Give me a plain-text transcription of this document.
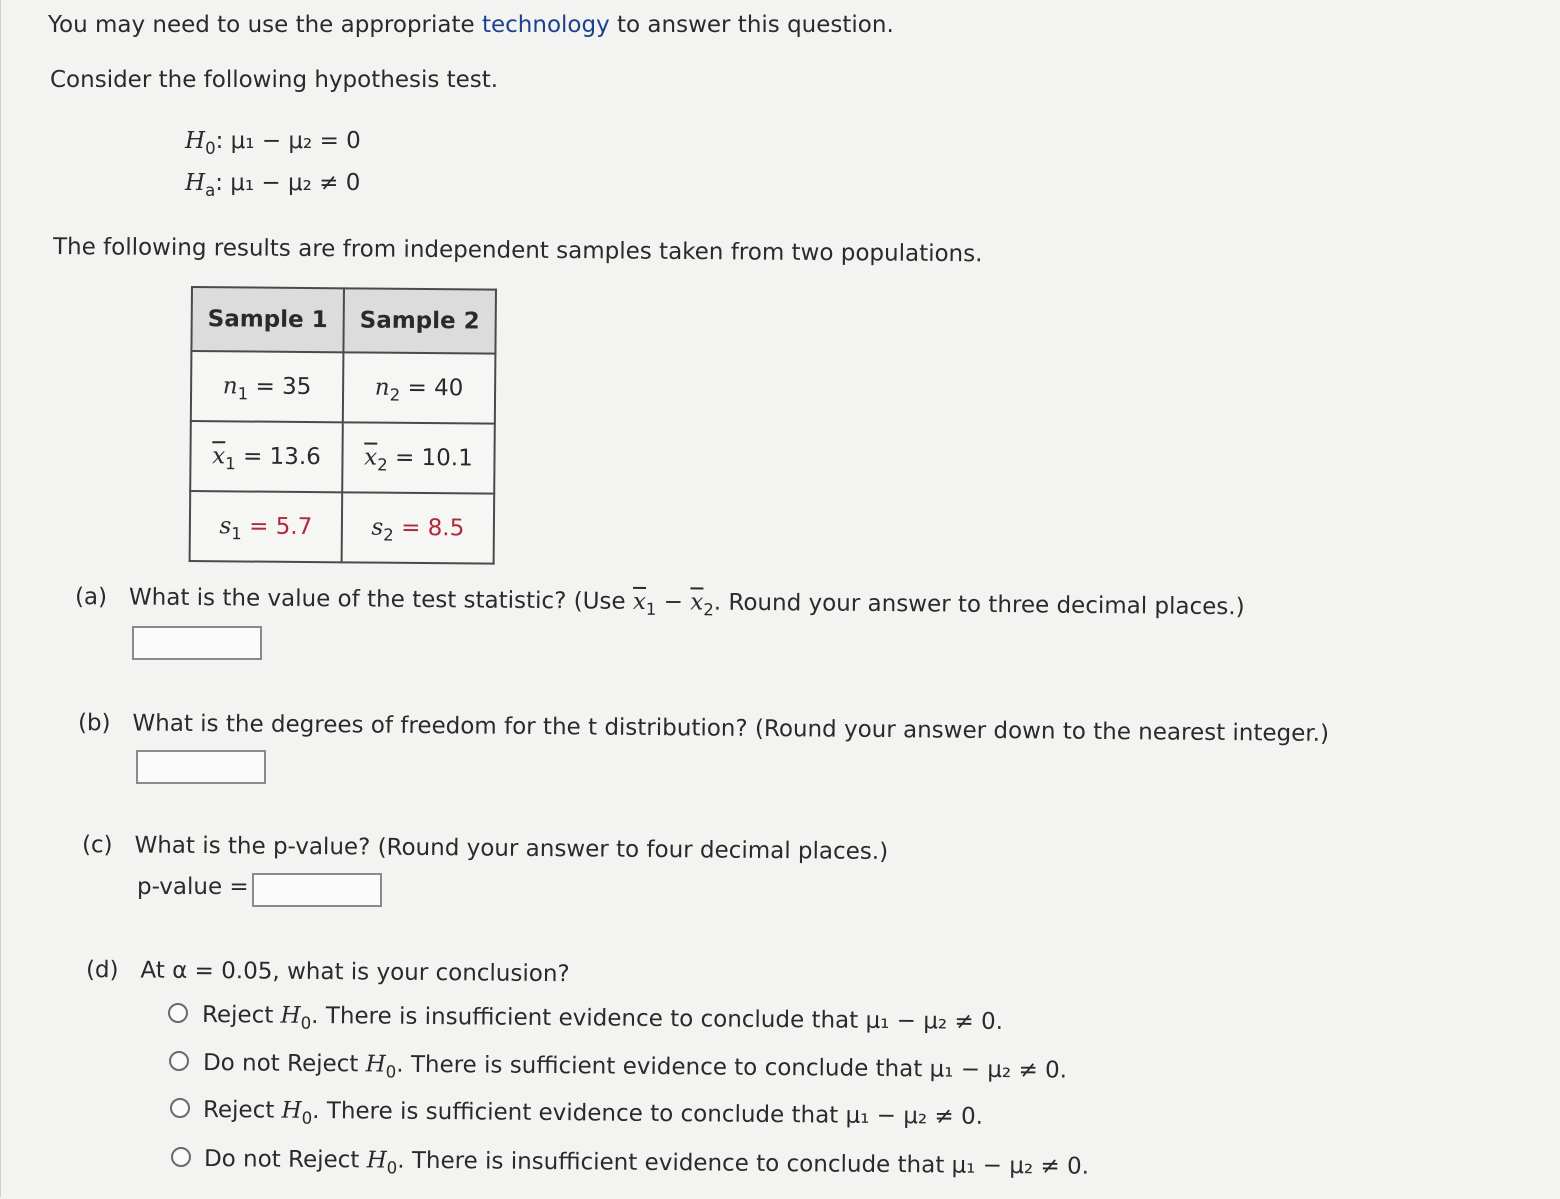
You may need to use the appropriate technology to answer this question.
Consider the following hypothesis test.
$H_0$: μ₁ − μ₂ = 0
$H_a$: μ₁ − μ₂ ≠ 0
The following results are from independent samples taken from two populations.
Sample 1	Sample 2
$n_1 = 35$	$n_2 = 40$
$\overline{x}_1 = 13.6$	$\overline{x}_2 = 10.1$
$s_1 = 5.7$	$s_2 = 8.5$
(a) What is the value of the test statistic? (Use $\overline{x}_1 - \overline{x}_2$. Round your answer to three decimal places.)
(b) What is the degrees of freedom for the t distribution? (Round your answer down to the nearest integer.)
(c) What is the p-value? (Round your answer to four decimal places.)
p-value =
(d) At α = 0.05, what is your conclusion?
Reject $H_0$. There is insufficient evidence to conclude that μ₁ − μ₂ ≠ 0.
Do not Reject $H_0$. There is sufficient evidence to conclude that μ₁ − μ₂ ≠ 0.
Reject $H_0$. There is sufficient evidence to conclude that μ₁ − μ₂ ≠ 0.
Do not Reject $H_0$. There is insufficient evidence to conclude that μ₁ − μ₂ ≠ 0.
